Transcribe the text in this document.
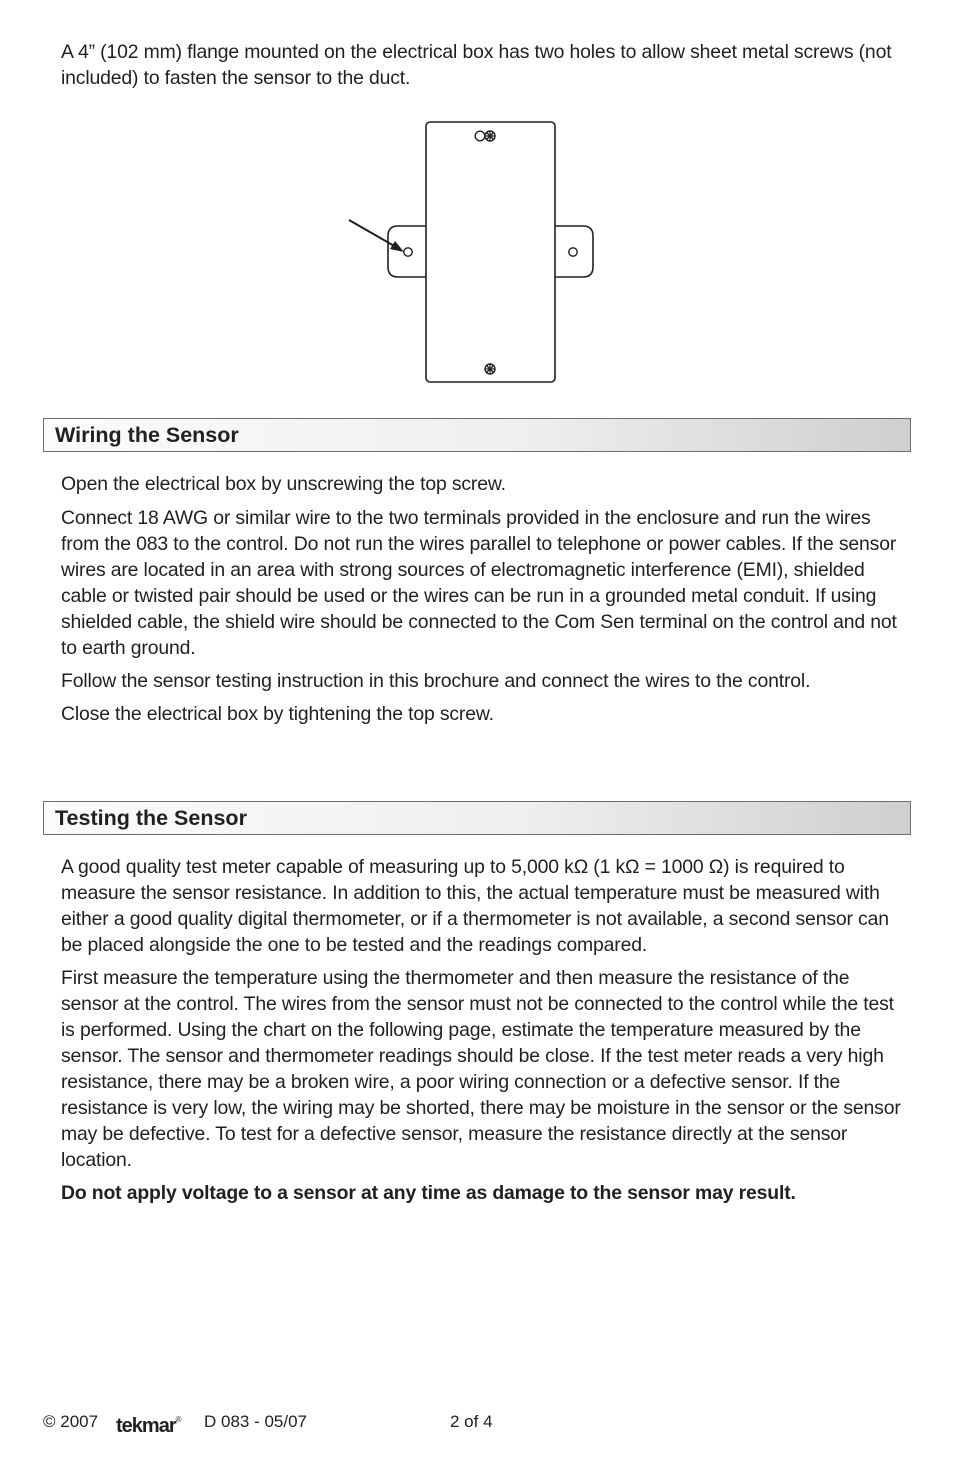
A 4” (102 mm) flange mounted on the electrical box has two holes to allow sheet metal screws (not included) to fasten the sensor to the duct.

Wiring the Sensor

Open the electrical box by unscrewing the top screw.

Connect 18 AWG or similar wire to the two terminals provided in the enclosure and run the wires from the 083 to the control. Do not run the wires parallel to telephone or power cables. If the sensor wires are located in an area with strong sources of electromagnetic interference (EMI), shielded cable or twisted pair should be used or the wires can be run in a grounded metal conduit. If using shielded cable, the shield wire should be connected to the Com Sen terminal on the control and not to earth ground.

Follow the sensor testing instruction in this brochure and connect the wires to the control.

Close the electrical box by tightening the top screw.

Testing the Sensor

A good quality test meter capable of measuring up to 5,000 kΩ (1 kΩ = 1000 Ω) is required to measure the sensor resistance. In addition to this, the actual temperature must be measured with either a good quality digital thermometer, or if a thermometer is not available, a second sensor can be placed alongside the one to be tested and the readings compared.

First measure the temperature using the thermometer and then measure the resistance of the sensor at the control. The wires from the sensor must not be connected to the control while the test is performed. Using the chart on the following page, estimate the temperature measured by the sensor. The sensor and thermometer readings should be close. If the test meter reads a very high resistance, there may be a broken wire, a poor wiring connection or a defective sensor. If the resistance is very low, the wiring may be shorted, there may be moisture in the sensor or the sensor may be defective. To test for a defective sensor, measure the resistance directly at the sensor location.

Do not apply voltage to a sensor at any time as damage to the sensor may result.

© 2007 tekmar® D 083 - 05/07	2 of 4
